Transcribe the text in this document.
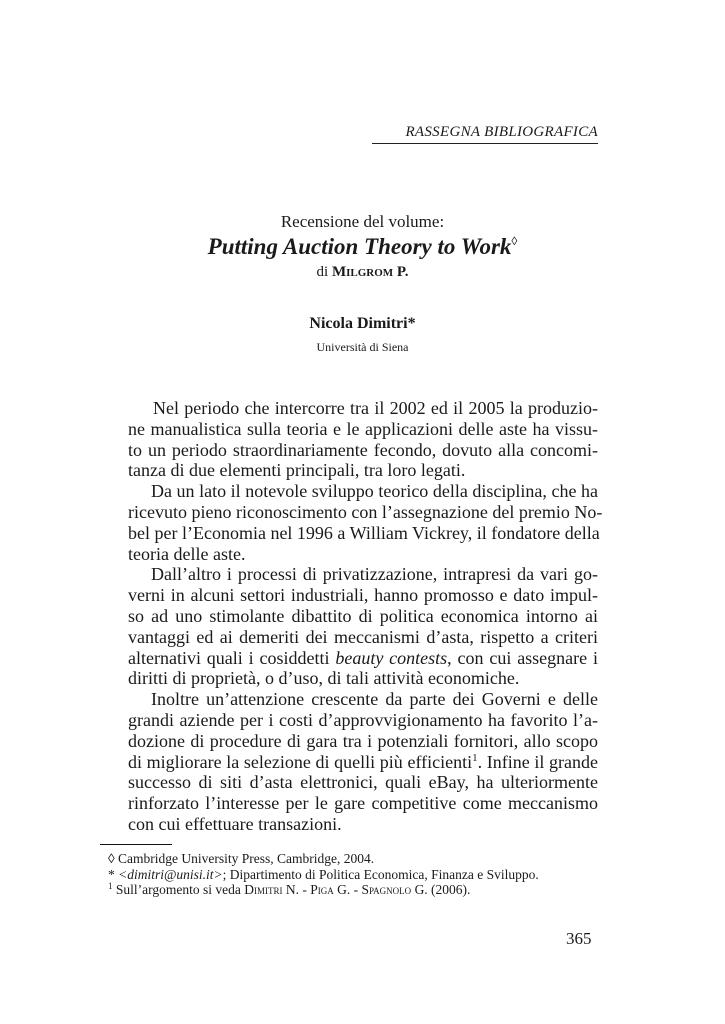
RASSEGNA BIBLIOGRAFICA
Recensione del volume:
Putting Auction Theory to Work◊
di Milgrom P.
Nicola Dimitri*
Università di Siena
Nel periodo che intercorre tra il 2002 ed il 2005 la produzio-
ne manualistica sulla teoria e le applicazioni delle aste ha vissu-
to un periodo straordinariamente fecondo, dovuto alla concomi-
tanza di due elementi principali, tra loro legati.
Da un lato il notevole sviluppo teorico della disciplina, che ha
ricevuto pieno riconoscimento con l’assegnazione del premio No-
bel per l’Economia nel 1996 a William Vickrey, il fondatore della
teoria delle aste.
Dall’altro i processi di privatizzazione, intrapresi da vari go-
verni in alcuni settori industriali, hanno promosso e dato impul-
so ad uno stimolante dibattito di politica economica intorno ai
vantaggi ed ai demeriti dei meccanismi d’asta, rispetto a criteri
alternativi quali i cosiddetti beauty contests, con cui assegnare i
diritti di proprietà, o d’uso, di tali attività economiche.
Inoltre un’attenzione crescente da parte dei Governi e delle
grandi aziende per i costi d’approvvigionamento ha favorito l’a-
dozione di procedure di gara tra i potenziali fornitori, allo scopo
di migliorare la selezione di quelli più efficienti$^1$. Infine il grande
successo di siti d’asta elettronici, quali eBay, ha ulteriormente
rinforzato l’interesse per le gare competitive come meccanismo
con cui effettuare transazioni.
◊ Cambridge University Press, Cambridge, 2004.
* <dimitri@unisi.it>; Dipartimento di Politica Economica, Finanza e Sviluppo.
$^1$ Sull’argomento si veda Dimitri N. - Piga G. - Spagnolo G. (2006).
365
